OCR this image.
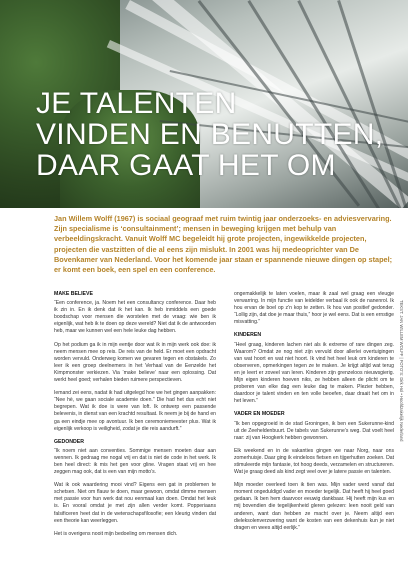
JE TALENTEN
VINDEN EN BENUTTEN,
DAAR GAAT HET OM
Jan Willem Wolff (1967) is sociaal geograaf met ruim twintig jaar onderzoeks- en adviesvervaring. Zijn specialisme is ‘consultainment’; mensen in beweging krijgen met behulp van verbeeldingskracht. Vanuit Wolff MC begeleidt hij grote projecten, ingewikkelde projecten, projecten die vastzitten of die al eens zijn mislukt. In 2001 was hij medeoprichter van De Bovenkamer van Nederland. Voor het komende jaar staan er spannende nieuwe dingen op stapel; er komt een boek, een spel en een conference.
MAKE BELIEVE

“Een conference, ja. Noem het een consultancy conference. Daar heb ik zin in. En ik denk dat ik het kan. Ik heb inmiddels een goede boodschap voor mensen die worstelen met de vraag: wie ben ik eigenlijk, wat heb ik te doen op deze wereld? Niet dat ik de antwoorden heb, maar we kunnen wel een hele leuke dag hebben.

Op het podium ga ik in mijn eentje door wat ik in mijn werk ook doe: ik neem mensen mee op reis. De reis van de held. Er moet een opdracht worden vervuld. Onderweg komen we gevaren tegen en obstakels. Zo leer ik een groep deelnemers in het Verhaal van de Eenzelde het Kimpmonster verkiezen. Via ‘make believe’ naar een oplossing. Dat werkt heel goed; verhalen bieden ruimere perspectieven.

Iemand zei eens, nadat ik had uitgelegd hoe we het gingen aanpakken: “Nee hè, we gaan sociale academie doen.” Die had het dus echt niet begrepen. Wat ik doe is were van loft. Ik ontwerp een passende belevenis, in dienst van een krachtd resultaat. Ik neem je bij de hand en ga een eindje mee op avontuur. Ik ben ceremoniemeester plus. Wat ik eigenlijk verkoop is veiligheid, zodat je die reis aandurft.”

GEDONDER

“Ik noem niet aan conventies. Sommige mensen moeten daar aan wennen. Ik gedraag me nogal vrij en dat is niet de code in het werk. Ik ben heel direct: ik mis het gen voor gline. Vragen staat vrij en hee zeggen mag ook, dat is een van mijn motto’s.

Wat ik ook waardering mooi vind? Eigens een gat in problemen te schetsen. Niet om flauw te doen, maar gewoon, omdat dimme mensen met passie voor hun werk dat nou eenmaal kan doen. Omdat het leuk is. En vooral omdat je met zijn allen verder komt. Popperiaans falsificeren heet dat in de wetenschapsfilosofie; een kleurig vinden dat een theorie kan weerleggen.

Het is overigens nooit mijn bedoeling om mensen dich.

ongemakkelijk te laten voelen, maar ik zaal wel graag een vleugje verwarring. In mijn functie van leidelder verbaal ik ook de nanenrol. Ik hou ervan de boel op z’n kop te zetten. Ik hou van positief gedonder. “Lollig zijn, dat doe je maar thuis,” hoor je wel eens. Dat is een ernstige misvatting.”

KINDEREN

“Heel graag, kinderen lachen niet als ik extreme of rare dingen zeg. Waarom? Omdat ze nog niet zijn vervuld door allerlei overtuigingen van wat hoort en wat niet hoort. Ik vind het heel leuk om kinderen te observeren, opmerkingen tegen ze te maken. Je krijgt altijd wat terug en je leert er zoveel van leren. Kinderen zijn grenzeloos nieuwsgierig. Mijn eigen kinderen hoeven niks, ze hebben alleen de plicht om te proberen van elke dag een leuke dag te maken. Plezier hebben, daardoor je talent vinden en ten volle beoefen, daar draait het om in het leven.”

VADER EN MOEDER

“Ik ben opgegroeid in de stad Groningen, ik ben een Sukerunne-kind uit de Zeeheldenbuurt. De tabels van Sukerunne’s weg. Dat voelt heel raar: zij van Hoogkerk hebben gewonnen.

Elk weekend en in de vakanties gingen we naar Norg, naar ons zomerhuisje. Daar ging ik eindeloos fietsen en tijgerhutten zoeken. Dat stimuleerde mijn fantasie, tot hoog deeds, verzamelen en structureren. Wat je graag deed als kind zegt veel over je latere passie en talenten.

Mijn moeder overleed toen ik tien was. Mijn vader werd vanaf dat moment ongeduldigd vader en moeder tegelijk. Dat heeft hij heel goed gedaan. Ik ben hem daarvoor eeuwig dankbaar. Hij heeft mijn kus en mij bovendien die tegelijkenheid gleren gelezen: leen nooit geld van anderen, want dan hebben ze macht over je. Neem altijd een dieleksolenverzwering want de kosten van een dekenhuis kun je niet dragen en wees altijd eerlijk.”

TEKST: JAN WILLEM WOLFF | FOTO’S: Dirk Hol • Hoofdzakelijk Nederland
